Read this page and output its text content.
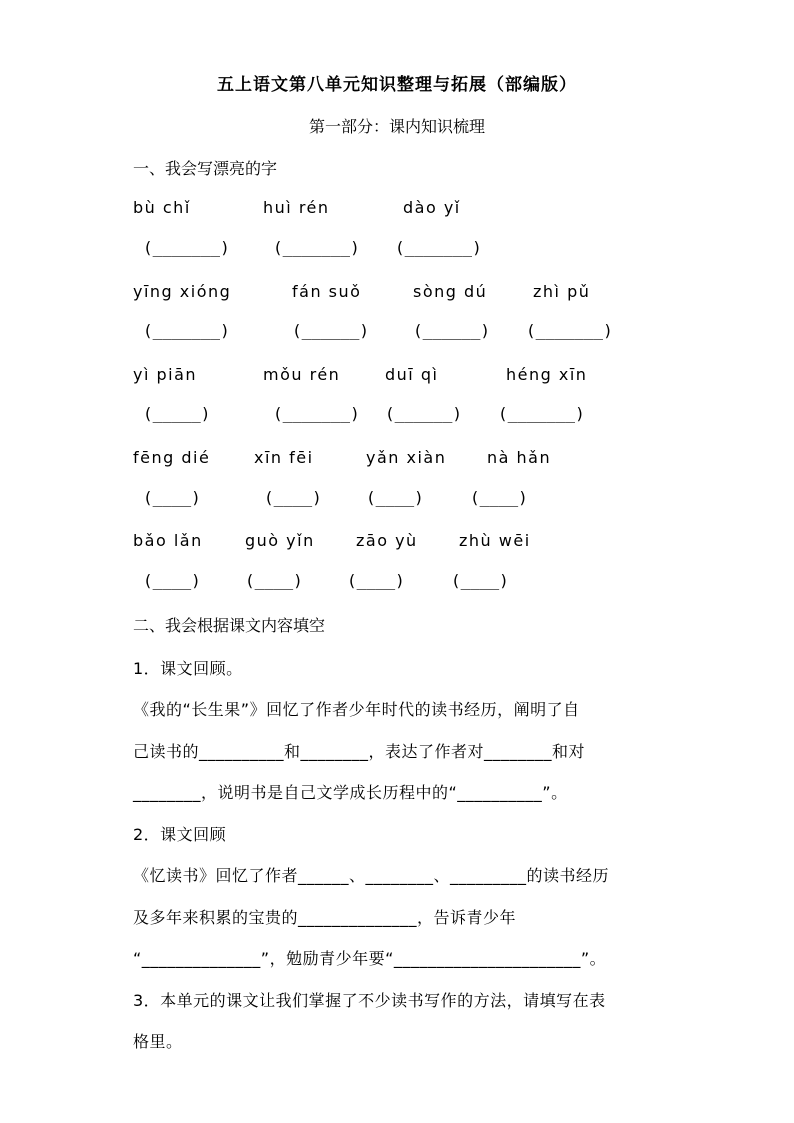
五上语文第八单元知识整理与拓展（部编版）
第一部分：课内知识梳理
一、我会写漂亮的字
bù chǐ	huì rén	dào yǐ
(_______)	(_______) (_______)
yīng xióng	fán suǒ	sòng dú	zhì pǔ
(_______)	(______)	(______) (_______)
yì piān	mǒu rén	duī qì	héng xīn
(_____)	(_______) (______) (_______)
fēng dié	xīn fēi	yǎn xiàn	nà hǎn
(____)	(____)	(____)	(____)
bǎo lǎn	guò yǐn	zāo yù	zhù wēi
(____)	(____)	(____)	(____)
二、我会根据课文内容填空
1．课文回顾。
《我的“长生果”》回忆了作者少年时代的读书经历，阐明了自
己读书的__________和________，表达了作者对________和对
________，说明书是自己文学成长历程中的“__________”。
2．课文回顾
《忆读书》回忆了作者______、________、_________的读书经历
及多年来积累的宝贵的______________，告诉青少年
“______________”，勉励青少年要“______________________”。
3．本单元的课文让我们掌握了不少读书写作的方法，请填写在表
格里。
